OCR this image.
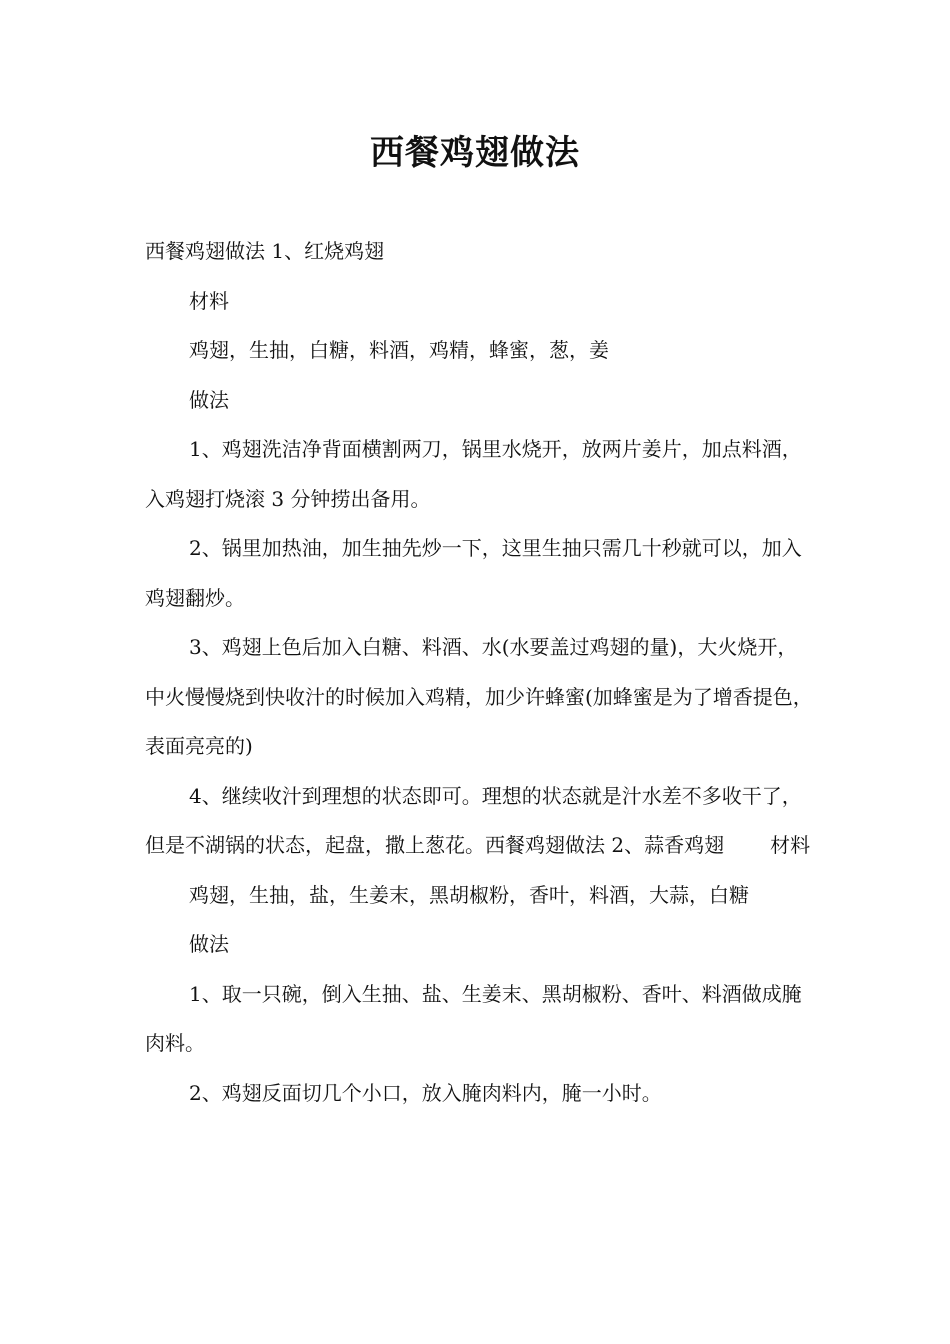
西餐鸡翅做法

西餐鸡翅做法 1、红烧鸡翅

材料

鸡翅，生抽，白糖，料酒，鸡精，蜂蜜，葱，姜

做法

1、鸡翅洗洁净背面横割两刀，锅里水烧开，放两片姜片，加点料酒，入鸡翅打烧滚 3 分钟捞出备用。

2、锅里加热油，加生抽先炒一下，这里生抽只需几十秒就可以，加入鸡翅翻炒。

3、鸡翅上色后加入白糖、料酒、水(水要盖过鸡翅的量)，大火烧开，中火慢慢烧到快收汁的时候加入鸡精，加少许蜂蜜(加蜂蜜是为了增香提色，表面亮亮的)

4、继续收汁到理想的状态即可。理想的状态就是汁水差不多收干了，但是不湖锅的状态，起盘，撒上葱花。西餐鸡翅做法 2、蒜香鸡翅 材料

鸡翅，生抽，盐，生姜末，黑胡椒粉，香叶，料酒，大蒜，白糖

做法

1、取一只碗，倒入生抽、盐、生姜末、黑胡椒粉、香叶、料酒做成腌肉料。

2、鸡翅反面切几个小口，放入腌肉料内，腌一小时。
